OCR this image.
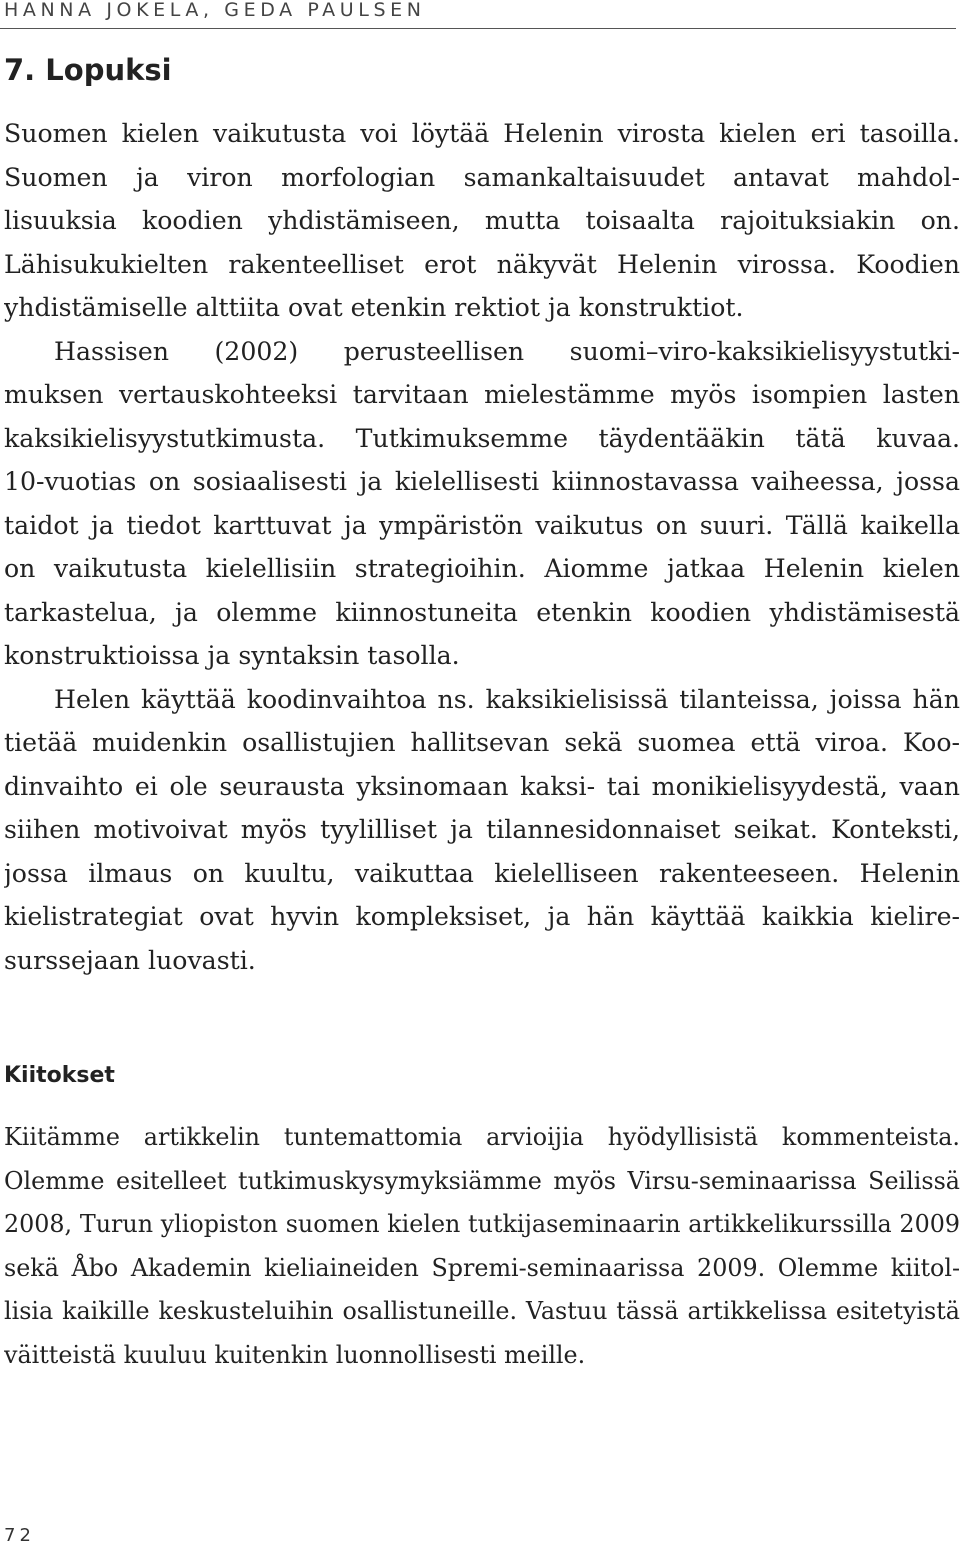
HANNA JOKELA, GEDA PAULSEN
7. Lopuksi
Suomen kielen vaikutusta voi löytää Helenin virosta kielen eri tasoilla.
Suomen ja viron morfologian samankaltaisuudet antavat mahdol-
lisuuksia koodien yhdistämiseen, mutta toisaalta rajoituksiakin on.
Lähisukukielten rakenteelliset erot näkyvät Helenin virossa. Koodien
yhdistämiselle alttiita ovat etenkin rektiot ja konstruktiot.
Hassisen (2002) perusteellisen suomi–viro-kaksikielisyystutki-
muksen vertauskohteeksi tarvitaan mielestämme myös isompien lasten
kaksikielisyystutkimusta. Tutkimuksemme täydentääkin tätä kuvaa.
10-vuotias on sosiaalisesti ja kielellisesti kiinnostavassa vaiheessa, jossa
taidot ja tiedot karttuvat ja ympäristön vaikutus on suuri. Tällä kaikella
on vaikutusta kielellisiin strategioihin. Aiomme jatkaa Helenin kielen
tarkastelua, ja olemme kiinnostuneita etenkin koodien yhdistämisestä
konstruktioissa ja syntaksin tasolla.
Helen käyttää koodinvaihtoa ns. kaksikielisissä tilanteissa, joissa hän
tietää muidenkin osallistujien hallitsevan sekä suomea että viroa. Koo-
dinvaihto ei ole seurausta yksinomaan kaksi- tai monikielisyydestä, vaan
siihen motivoivat myös tyylilliset ja tilannesidonnaiset seikat. Konteksti,
jossa ilmaus on kuultu, vaikuttaa kielelliseen rakenteeseen. Helenin
kielistrategiat ovat hyvin kompleksiset, ja hän käyttää kaikkia kielire-
surssejaan luovasti.
Kiitokset
Kiitämme artikkelin tuntemattomia arvioijia hyödyllisistä kommenteista.
Olemme esitelleet tutkimuskysymyksiämme myös Virsu-seminaarissa Seilissä
2008, Turun yliopiston suomen kielen tutkijaseminaarin artikkelikurssilla 2009
sekä Åbo Akademin kieliaineiden Spremi-seminaarissa 2009. Olemme kiitol-
lisia kaikille keskusteluihin osallistuneille. Vastuu tässä artikkelissa esitetyistä
väitteistä kuuluu kuitenkin luonnollisesti meille.
72
